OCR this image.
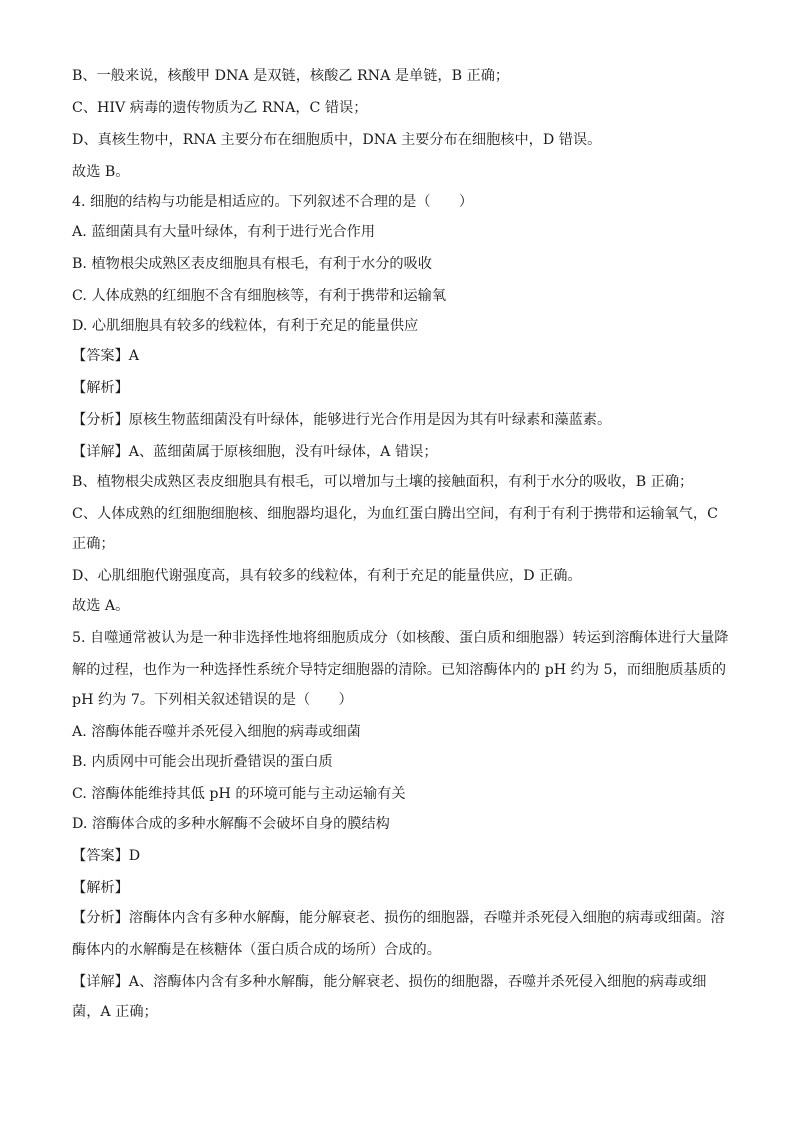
B、一般来说，核酸甲 DNA 是双链，核酸乙 RNA 是单链，B 正确；
C、HIV 病毒的遗传物质为乙 RNA，C 错误；
D、真核生物中，RNA 主要分布在细胞质中，DNA 主要分布在细胞核中，D 错误。
故选 B。
4. 细胞的结构与功能是相适应的。下列叙述不合理的是（　　）
A. 蓝细菌具有大量叶绿体，有利于进行光合作用
B. 植物根尖成熟区表皮细胞具有根毛，有利于水分的吸收
C. 人体成熟的红细胞不含有细胞核等，有利于携带和运输氧
D. 心肌细胞具有较多的线粒体，有利于充足的能量供应
【答案】A
【解析】
【分析】原核生物蓝细菌没有叶绿体，能够进行光合作用是因为其有叶绿素和藻蓝素。
【详解】A、蓝细菌属于原核细胞，没有叶绿体，A 错误；
B、植物根尖成熟区表皮细胞具有根毛，可以增加与土壤的接触面积，有利于水分的吸收，B 正确；
C、人体成熟的红细胞细胞核、细胞器均退化，为血红蛋白腾出空间，有利于有利于携带和运输氧气，C
正确；
D、心肌细胞代谢强度高，具有较多的线粒体，有利于充足的能量供应，D 正确。
故选 A。
5. 自噬通常被认为是一种非选择性地将细胞质成分（如核酸、蛋白质和细胞器）转运到溶酶体进行大量降
解的过程，也作为一种选择性系统介导特定细胞器的清除。已知溶酶体内的 pH 约为 5，而细胞质基质的
pH 约为 7。下列相关叙述错误的是（　　）
A. 溶酶体能吞噬并杀死侵入细胞的病毒或细菌
B. 内质网中可能会出现折叠错误的蛋白质
C. 溶酶体能维持其低 pH 的环境可能与主动运输有关
D. 溶酶体合成的多种水解酶不会破坏自身的膜结构
【答案】D
【解析】
【分析】溶酶体内含有多种水解酶，能分解衰老、损伤的细胞器，吞噬并杀死侵入细胞的病毒或细菌。溶
酶体内的水解酶是在核糖体（蛋白质合成的场所）合成的。
【详解】A、溶酶体内含有多种水解酶，能分解衰老、损伤的细胞器，吞噬并杀死侵入细胞的病毒或细
菌，A 正确；
